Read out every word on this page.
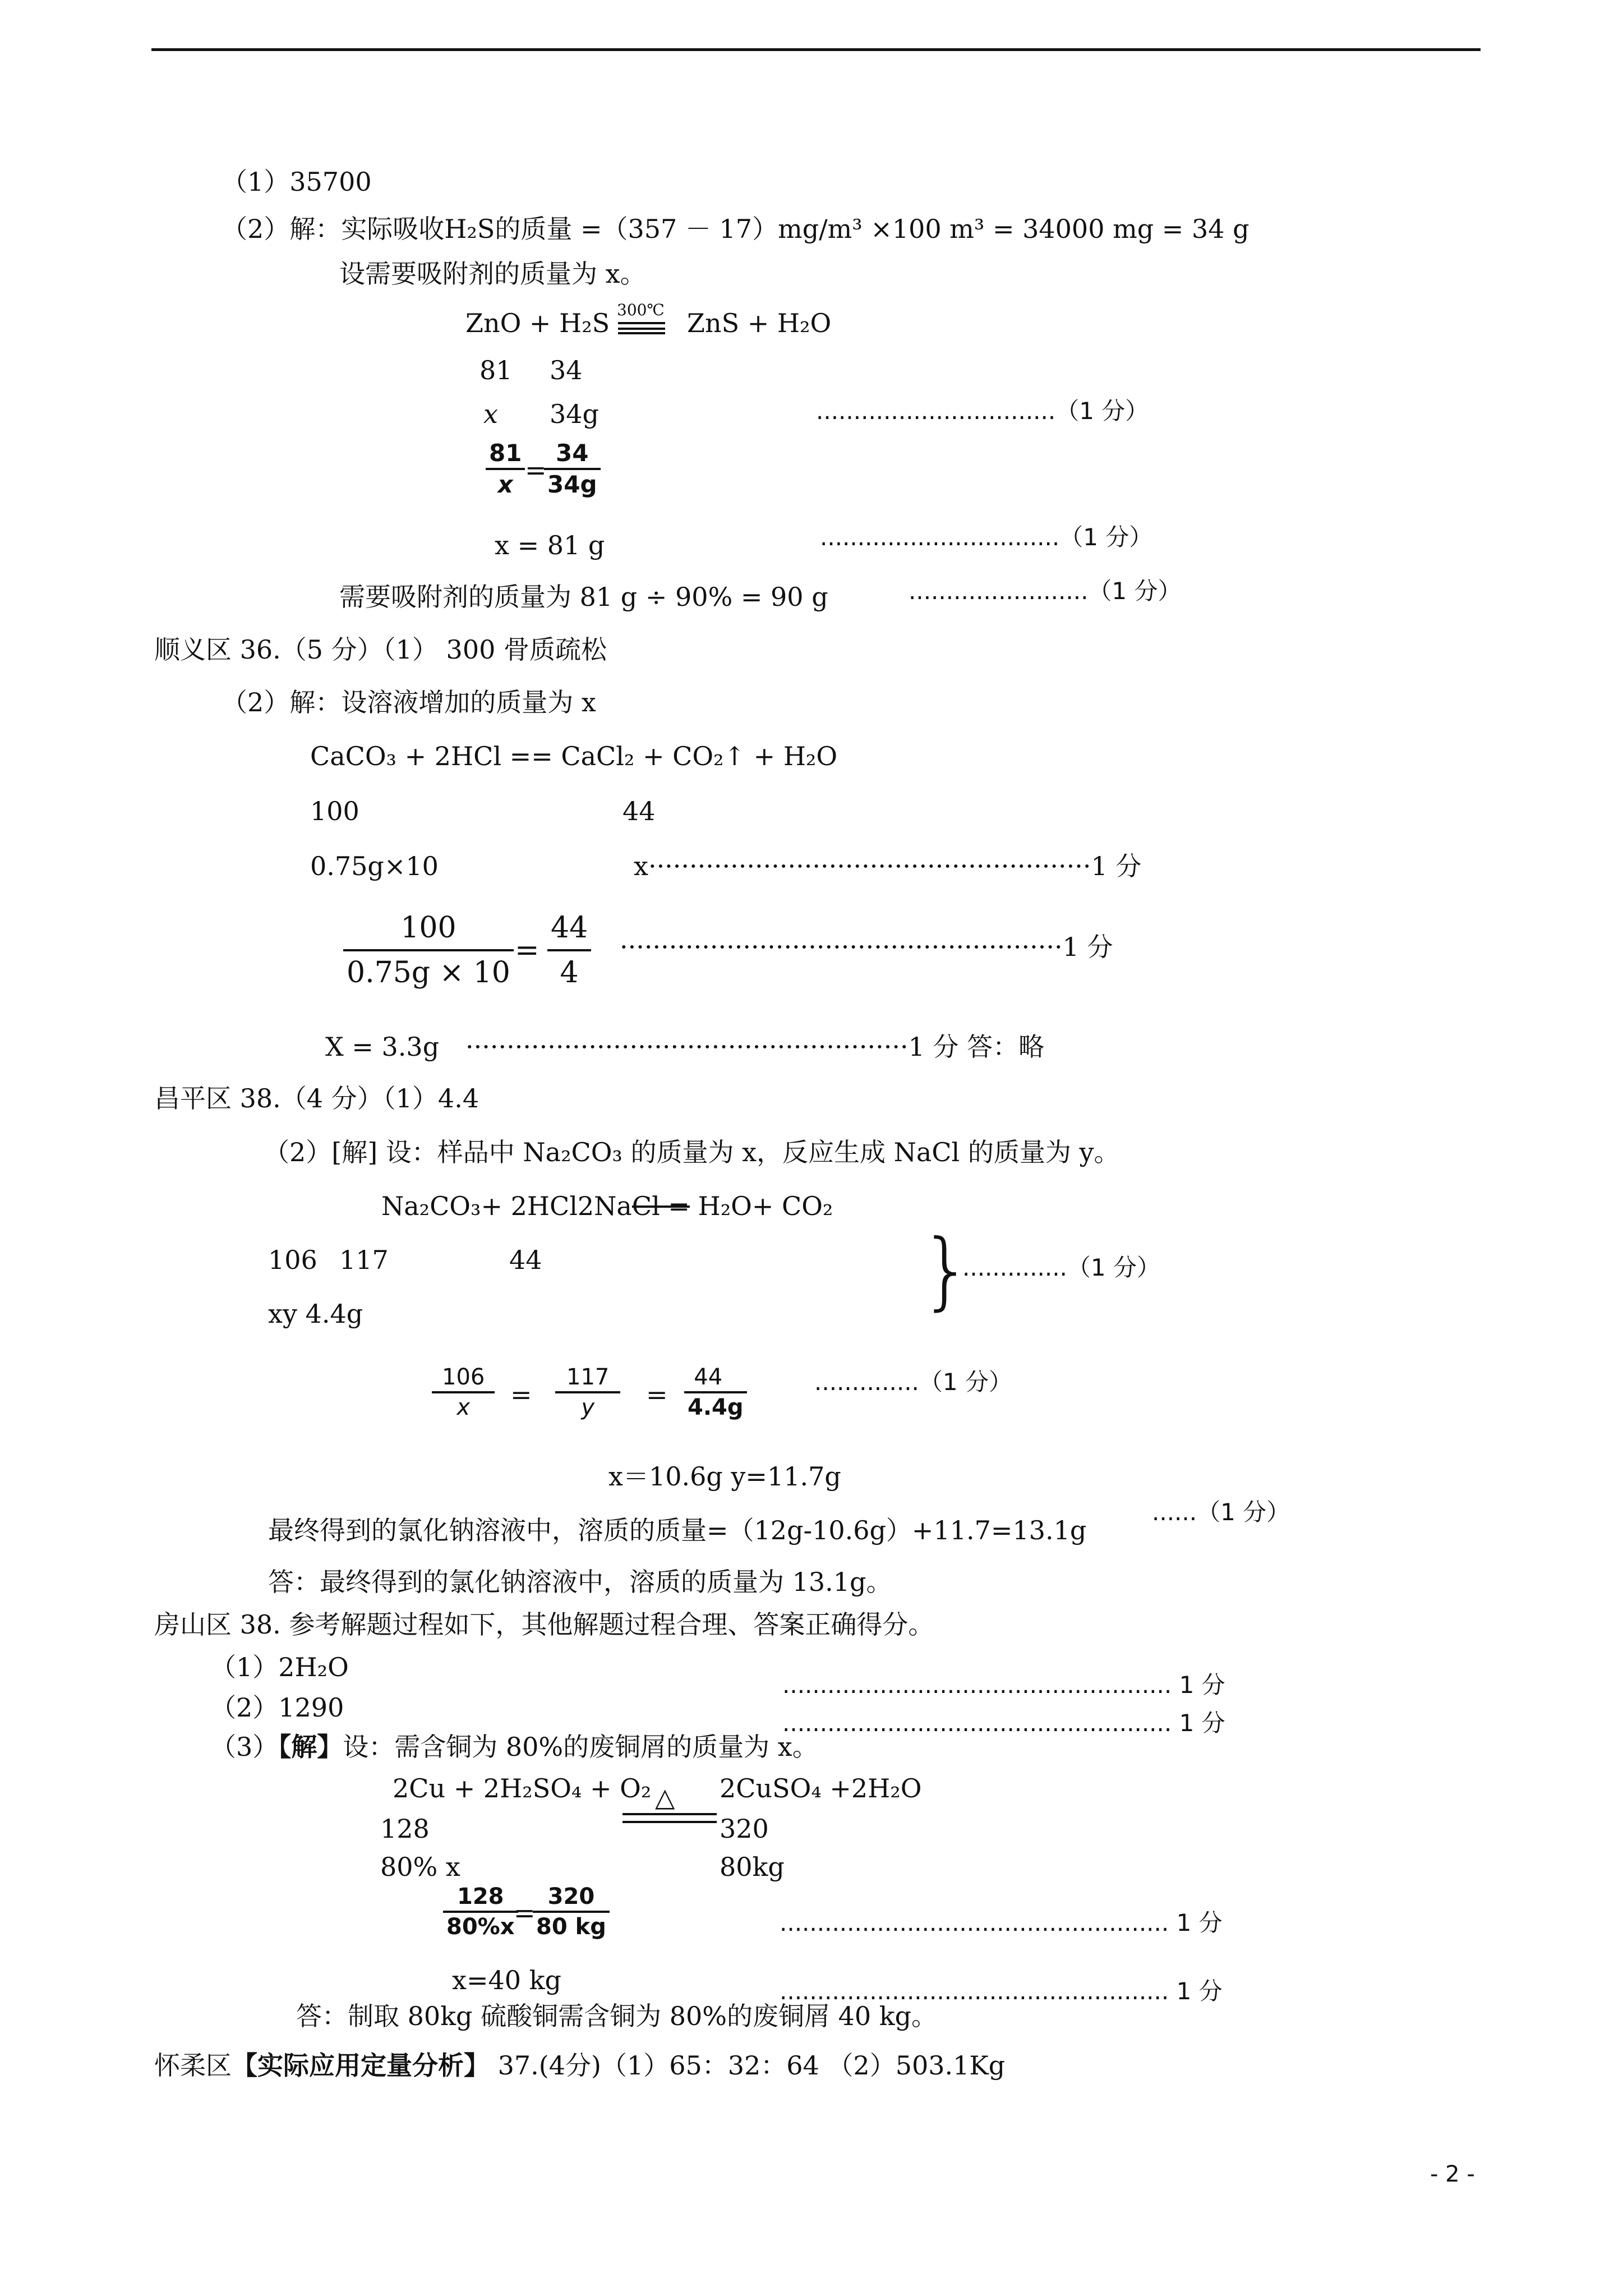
（1）35700
（2）解：实际吸收H₂S的质量 =（357 － 17）mg/m³ ×100 m³ = 34000 mg = 34 g
设需要吸附剂的质量为 x。
ZnO + H₂S 300℃ ZnS + H₂O
81 34
x 34g	................................（1 分）
$\frac{81}{x}$ =
$\frac{34}{34g}$
x = 81 g	................................（1 分）
需要吸附剂的质量为 81 g ÷ 90% = 90 g	........................（1 分）
顺义区 36.（5 分）（1） 300 骨质疏松
（2）解：设溶液增加的质量为 x
CaCO₃ + 2HCl == CaCl₂ + CO₂↑ + H₂O
100	44
0.75g×10	x······················································1 分
$\frac{100}{0.75g \times 10} = \frac{44}{4} \cdot\cdot\cdot\cdot\cdot\cdot\cdot\cdot\cdot\cdot\cdot\cdot\cdot\cdot\cdot\cdot\cdot\cdot\cdot\cdot\cdot\cdot\cdot\cdot\cdot\cdot\cdot\cdot\cdot\cdot\cdot\cdot\cdot\cdot\cdot\cdot\cdot\cdot\cdot\cdot\cdot\cdot\cdot\cdot\cdot\cdot\cdot\cdot\cdot\cdot\cdot\cdot\cdot\cdot 1$ 分
X = 3.3g ······················································1 分 答：略
昌平区 38.（4 分）（1）4.4
（2）[解] 设：样品中 Na₂CO₃ 的质量为 x，反应生成 NaCl 的质量为 y。
Na₂CO₃+ 2HCl2NaCl = H₂O+ CO₂
106 117	44	}
..............（1 分）
xy 4.4g
$\frac{106}{x} = \frac{117}{y} = \frac{44}{4.4g}$	..............（1 分）
x＝10.6g y=11.7g
最终得到的氯化钠溶液中，溶质的质量=（12g-10.6g）+11.7=13.1g
......（1 分）
答：最终得到的氯化钠溶液中，溶质的质量为 13.1g。
房山区 38. 参考解题过程如下，其他解题过程合理、答案正确得分。
（1）2H₂O
.................................................... 1 分
（2）1290
.................................................... 1 分
（3）【解】设：需含铜为 80%的废铜屑的质量为 x。
2Cu + 2H₂SO₄ + O₂ △ 2CuSO₄ +2H₂O
128	320
80% x	80kg
$\frac{128}{80\%x}$
=
$\frac{320}{80 kg}$	.................................................... 1 分
x=40 kg	.................................................... 1 分
答：制取 80kg 硫酸铜需含铜为 80%的废铜屑 40 kg。
怀柔区【实际应用定量分析】 37.(4分)（1）65：32：64 （2）503.1Kg
- 2 -
